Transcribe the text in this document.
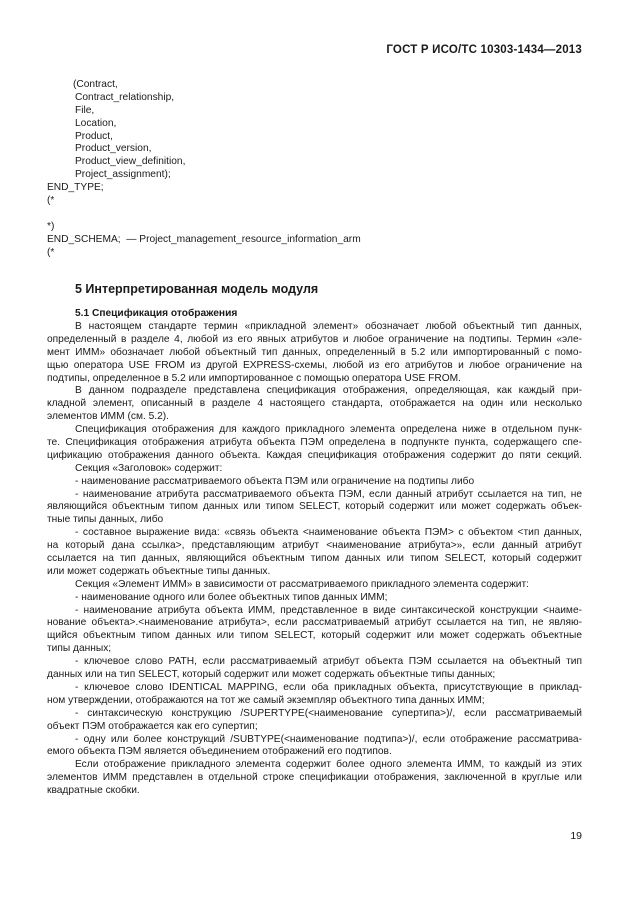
ГОСТ Р ИСО/ТС 10303-1434—2013
(Contract,
Contract_relationship,
File,
Location,
Product,
Product_version,
Product_view_definition,
Project_assignment);
END_TYPE;
(*
*)
END_SCHEMA;  — Project_management_resource_information_arm
(*
5 Интерпретированная модель модуля
5.1 Спецификация отображения
В настоящем стандарте термин «прикладной элемент» обозначает любой объектный тип данных,
определенный в разделе 4, любой из его явных атрибутов и любое ограничение на подтипы. Термин «эле-
мент ИММ» обозначает любой объектный тип данных, определенный в 5.2 или импортированный с помо-
щью оператора USE FROM из другой EXPRESS-схемы, любой из его атрибутов и любое ограничение на
подтипы, определенное в 5.2 или импортированное с помощью оператора USE FROM.
В данном подразделе представлена спецификация отображения, определяющая, как каждый при-
кладной элемент, описанный в разделе 4 настоящего стандарта, отображается на один или несколько
элементов ИММ (см. 5.2).
Спецификация отображения для каждого прикладного элемента определена ниже в отдельном пунк-
те. Спецификация отображения атрибута объекта ПЭМ определена в подпункте пункта, содержащего спе-
цификацию отображения данного объекта. Каждая спецификация отображения содержит до пяти секций.
Секция «Заголовок» содержит:
- наименование рассматриваемого объекта ПЭМ или ограничение на подтипы либо
- наименование атрибута рассматриваемого объекта ПЭМ, если данный атрибут ссылается на тип, не
являющийся объектным типом данных или типом SELECT, который содержит или может содержать объек-
тные типы данных, либо
- составное выражение вида: «связь объекта <наименование объекта ПЭМ> с объектом <тип данных,
на который дана ссылка>, представляющим атрибут <наименование атрибута>», если данный атрибут
ссылается на тип данных, являющийся объектным типом данных или типом SELECT, который содержит
или может содержать объектные типы данных.
Секция «Элемент ИММ» в зависимости от рассматриваемого прикладного элемента содержит:
- наименование одного или более объектных типов данных ИММ;
- наименование атрибута объекта ИММ, представленное в виде синтаксической конструкции <наиме-
нование объекта>.<наименование атрибута>, если рассматриваемый атрибут ссылается на тип, не являю-
щийся объектным типом данных или типом SELECT, который содержит или может содержать объектные
типы данных;
- ключевое слово PATH, если рассматриваемый атрибут объекта ПЭМ ссылается на объектный тип
данных или на тип SELECT, который содержит или может содержать объектные типы данных;
- ключевое слово IDENTICAL MAPPING, если оба прикладных объекта, присутствующие в приклад-
ном утверждении, отображаются на тот же самый экземпляр объектного типа данных ИММ;
- синтаксическую конструкцию /SUPERTYPE(<наименование супертипа>)/, если рассматриваемый
объект ПЭМ отображается как его супертип;
- одну или более конструкций /SUBTYPE(<наименование подтипа>)/, если отображение рассматрива-
емого объекта ПЭМ является объединением отображений его подтипов.
Если отображение прикладного элемента содержит более одного элемента ИММ, то каждый из этих
элементов ИММ представлен в отдельной строке спецификации отображения, заключенной в круглые или
квадратные скобки.
19
